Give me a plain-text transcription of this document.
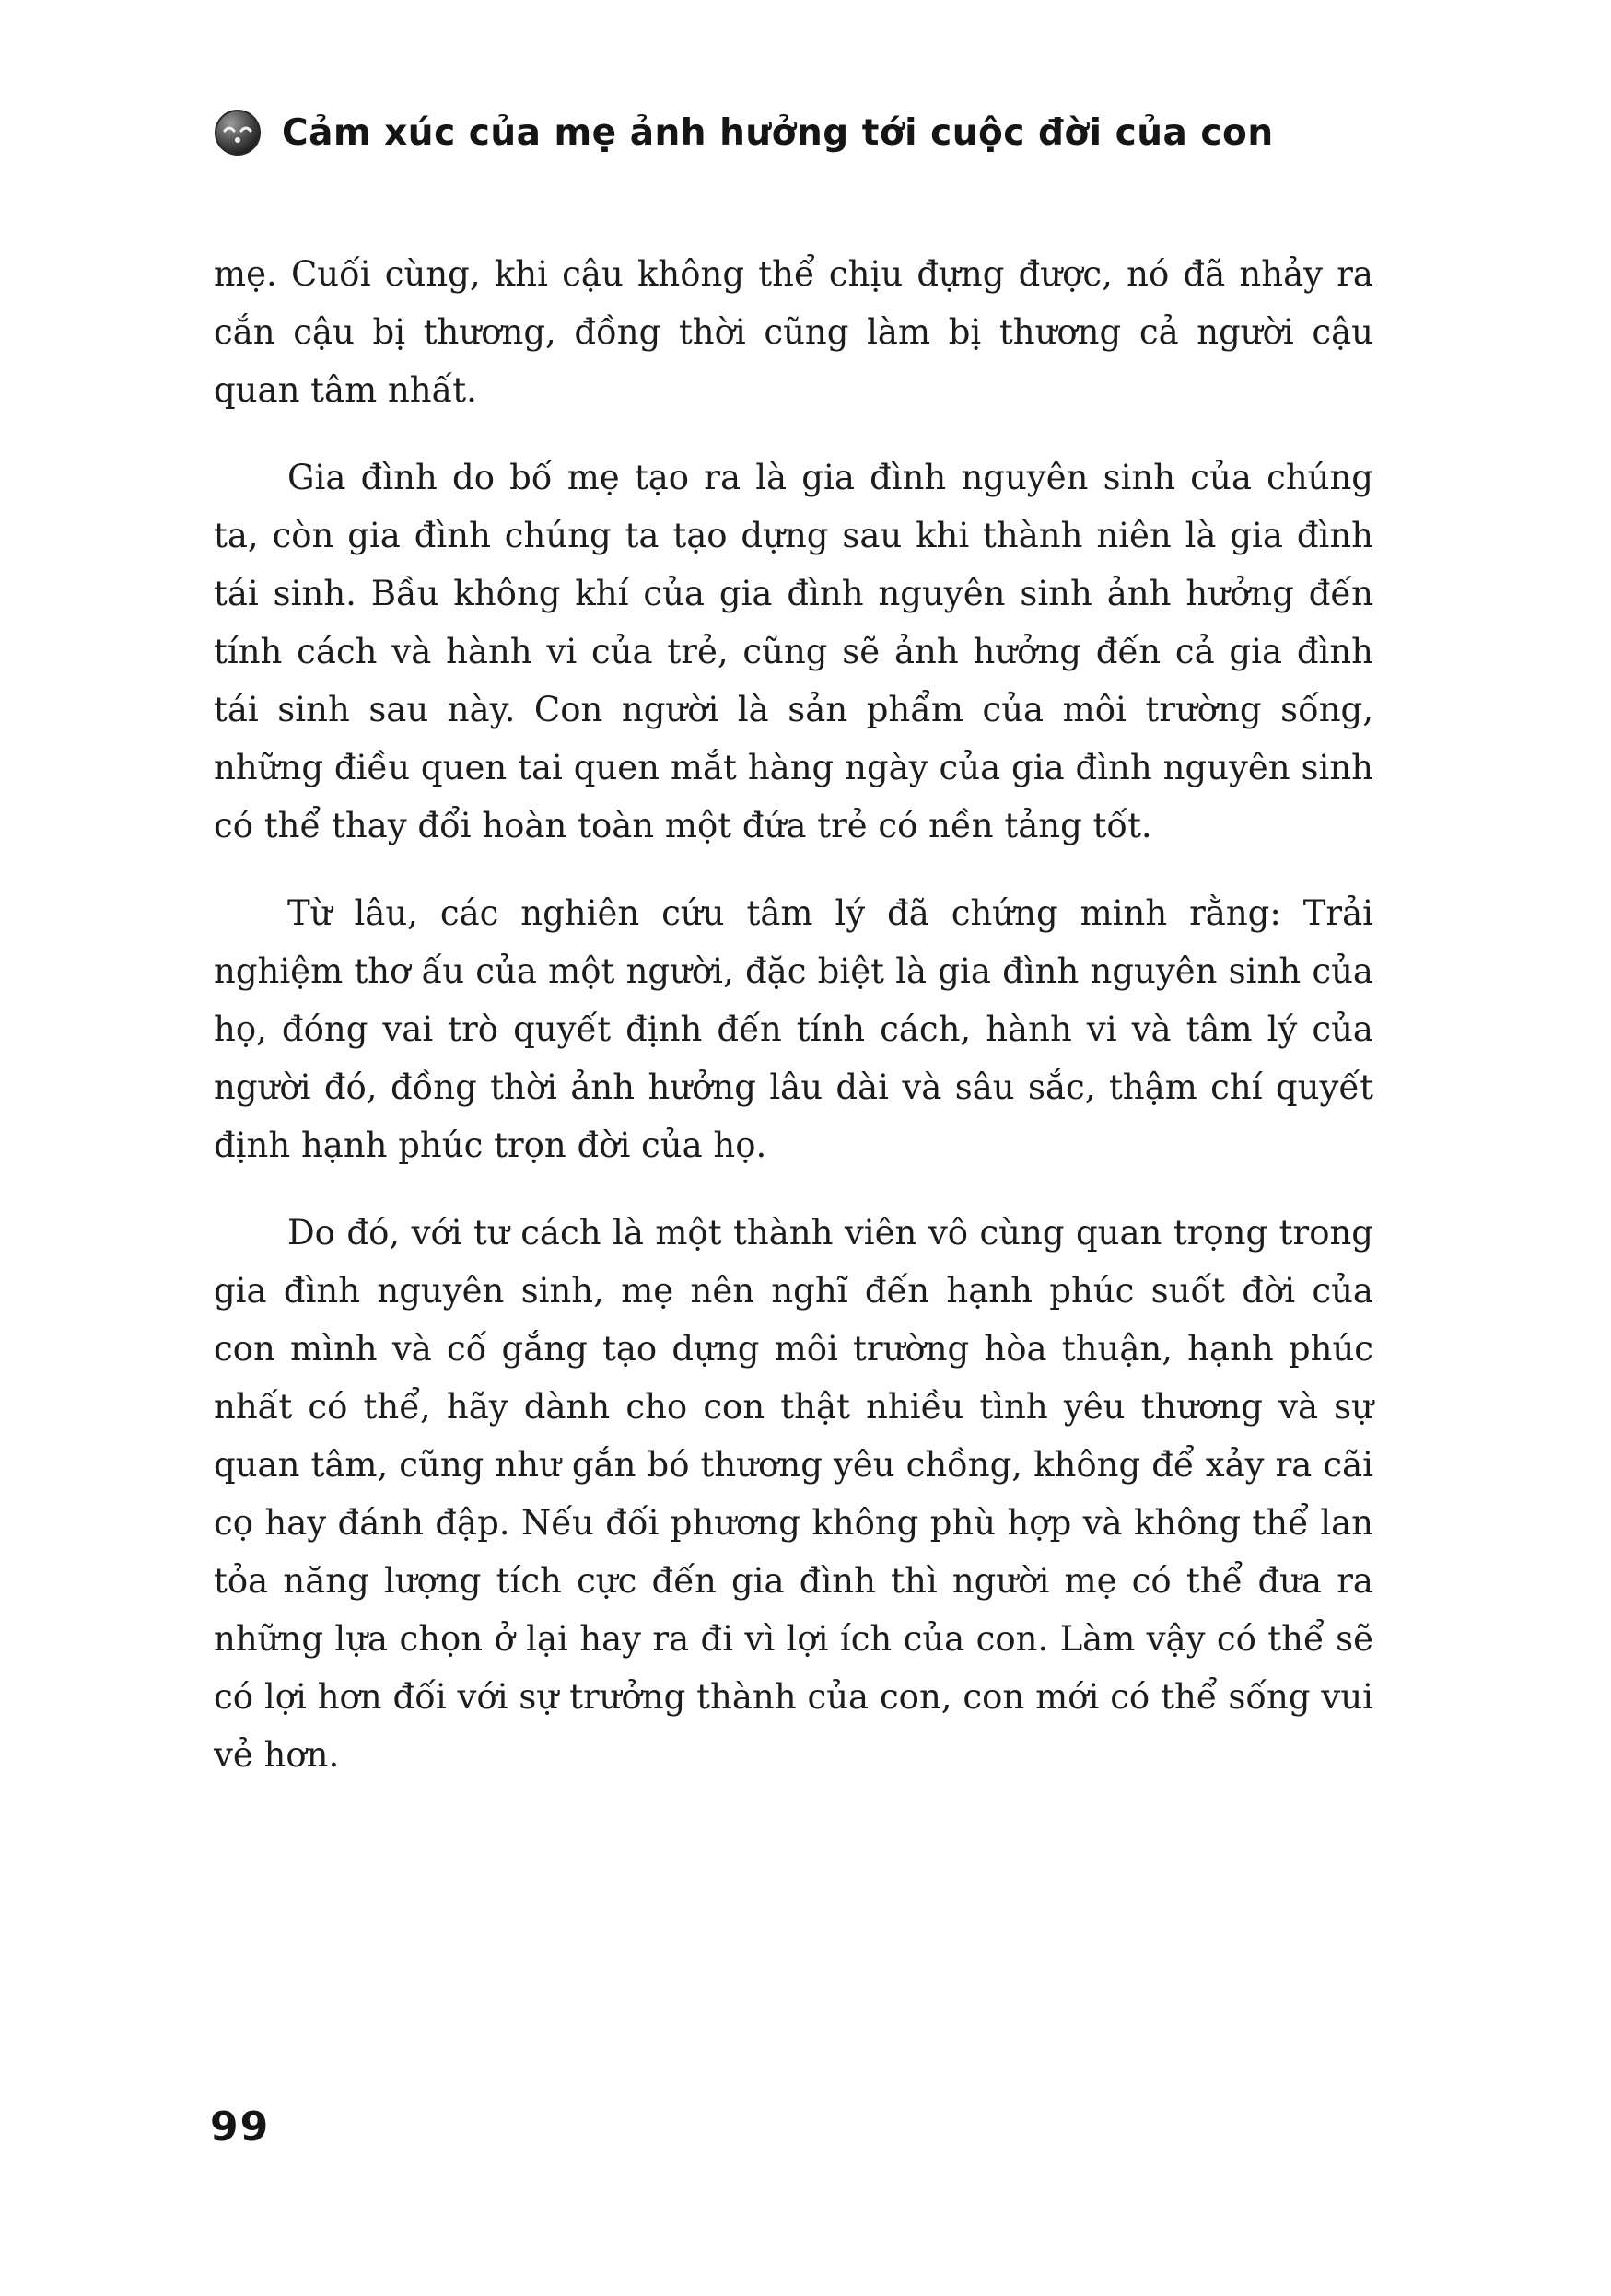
Cảm xúc của mẹ ảnh hưởng tới cuộc đời của con

mẹ. Cuối cùng, khi cậu không thể chịu đựng được, nó đã nhảy ra cắn cậu bị thương, đồng thời cũng làm bị thương cả người cậu quan tâm nhất.

Gia đình do bố mẹ tạo ra là gia đình nguyên sinh của chúng ta, còn gia đình chúng ta tạo dựng sau khi thành niên là gia đình tái sinh. Bầu không khí của gia đình nguyên sinh ảnh hưởng đến tính cách và hành vi của trẻ, cũng sẽ ảnh hưởng đến cả gia đình tái sinh sau này. Con người là sản phẩm của môi trường sống, những điều quen tai quen mắt hàng ngày của gia đình nguyên sinh có thể thay đổi hoàn toàn một đứa trẻ có nền tảng tốt.

Từ lâu, các nghiên cứu tâm lý đã chứng minh rằng: Trải nghiệm thơ ấu của một người, đặc biệt là gia đình nguyên sinh của họ, đóng vai trò quyết định đến tính cách, hành vi và tâm lý của người đó, đồng thời ảnh hưởng lâu dài và sâu sắc, thậm chí quyết định hạnh phúc trọn đời của họ.

Do đó, với tư cách là một thành viên vô cùng quan trọng trong gia đình nguyên sinh, mẹ nên nghĩ đến hạnh phúc suốt đời của con mình và cố gắng tạo dựng môi trường hòa thuận, hạnh phúc nhất có thể, hãy dành cho con thật nhiều tình yêu thương và sự quan tâm, cũng như gắn bó thương yêu chồng, không để xảy ra cãi cọ hay đánh đập. Nếu đối phương không phù hợp và không thể lan tỏa năng lượng tích cực đến gia đình thì người mẹ có thể đưa ra những lựa chọn ở lại hay ra đi vì lợi ích của con. Làm vậy có thể sẽ có lợi hơn đối với sự trưởng thành của con, con mới có thể sống vui vẻ hơn.

99
